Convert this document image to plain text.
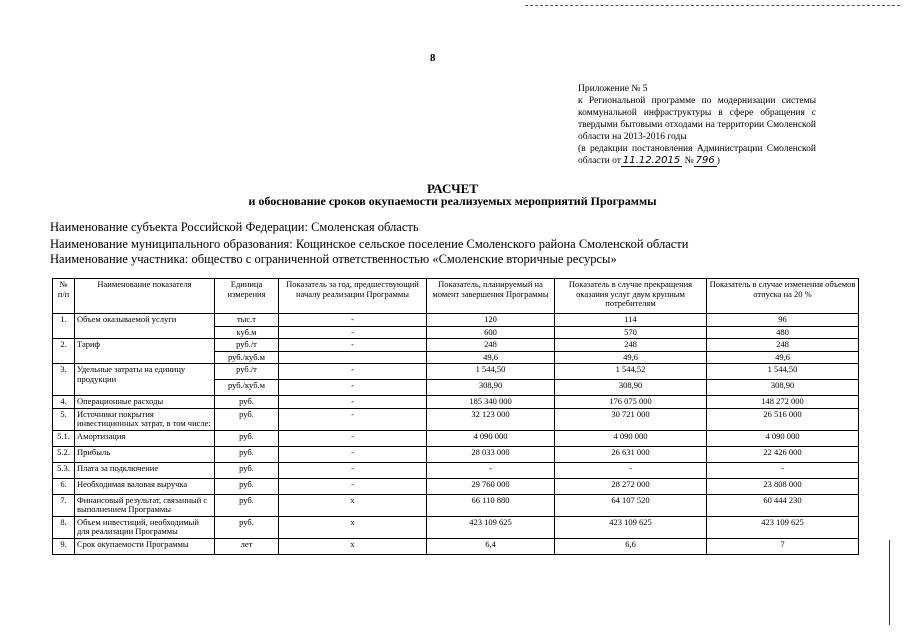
8
Приложение № 5
к Региональной программе по модернизации системы коммунальной инфраструктуры в сфере обращения с твердыми бытовыми отходами на территории Смоленской области на 2013-2016 годы
(в редакции постановления Администрации Смоленской области от 11.12.2015 № 796 )
РАСЧЕТ
и обоснование сроков окупаемости реализуемых мероприятий Программы
Наименование субъекта Российской Федерации: Смоленская область
Наименование муниципального образования: Кощинское сельское поселение Смоленского района Смоленской области
Наименование участника: общество с ограниченной ответственностью «Смоленские вторичные ресурсы»
№ п/п	Наименование показателя	Единица измерения	Показатель за год, предшествующий началу реализации Программы	Показатель, планируемый на момент завершения Программы	Показатель в случае прекращения оказания услуг двум крупным потребителям	Показатель в случае изменения объемов отпуска на 20 %
1.	Объем оказываемой услуги	тыс.т	-	120	114	96
		куб.м	-	600	570	480
2.	Тариф	руб./т	-	248	248	248
		руб./куб.м		49,6	49,6	49,6
3.	Удельные затраты на единицу продукции	руб./т	-	1 544,50	1 544,52	1 544,50
		руб./куб.м	-	308,90	308,90	308,90
4.	Операционные расходы	руб.	-	185 340 000	176 075 000	148 272 000
5.	Источники покрытия инвестиционных затрат, в том числе:	руб.	-	32 123 000	30 721 000	26 516 000
5.1.	Амортизация	руб.	-	4 090 000	4 090 000	4 090 000
5.2.	Прибыль	руб.	-	28 033 000	26 631 000	22 426 000
5.3.	Плата за подключение	руб.	-	-	-	-
6.	Необходимая валовая выручка	руб.	-	29 760 000	28 272 000	23 808 000
7.	Финансовый результат, связанный с выполнением Программы	руб.	х	66 110 880	64 107 520	60 444 230
8.	Объем инвестиций, необходимый для реализации Программы	руб.	х	423 109 625	423 109 625	423 109 625
9.	Срок окупаемости Программы	лет	х	6,4	6,6	7
